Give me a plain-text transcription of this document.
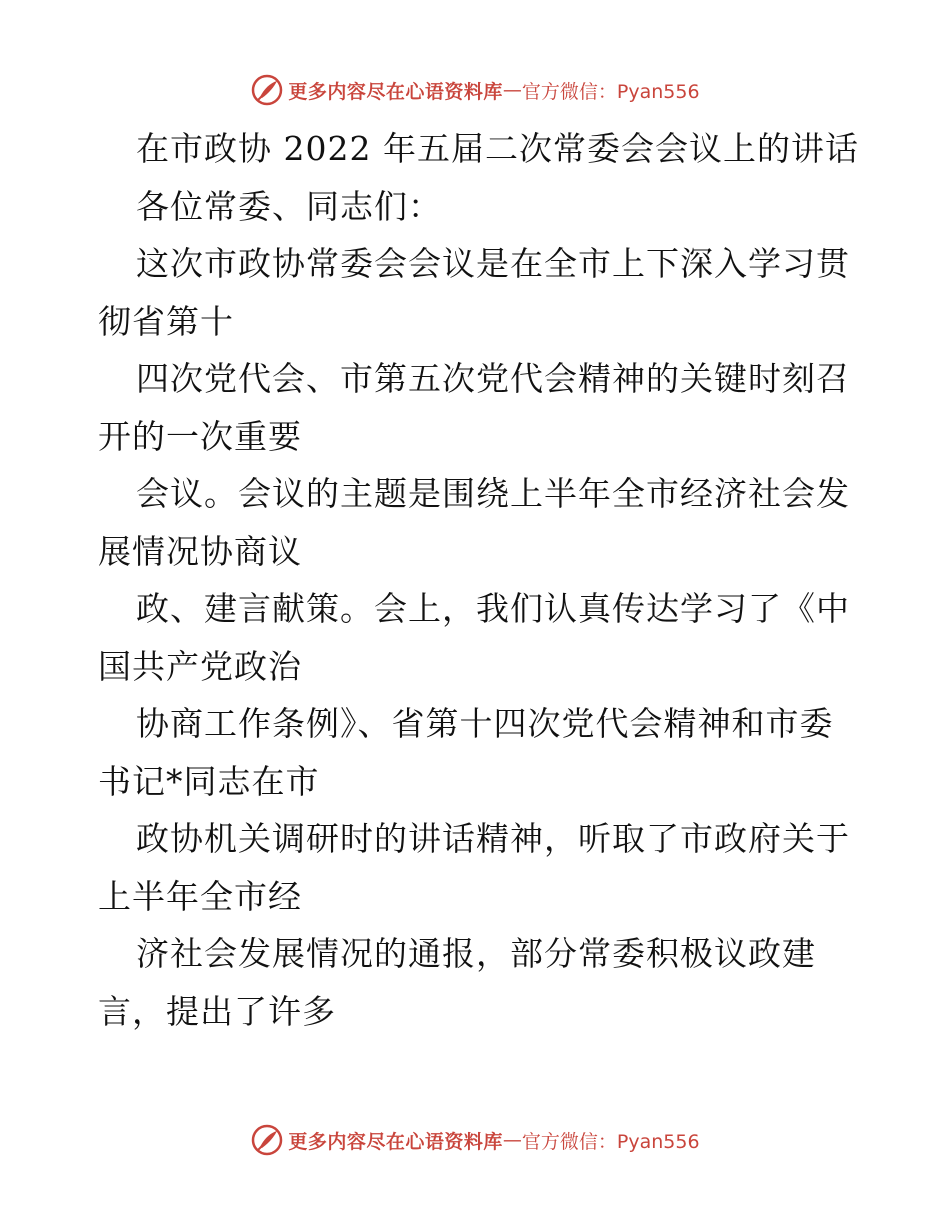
更多内容尽在心语资料库 — 官方微信：Pyan556
在市政协 2022 年五届二次常委会会议上的讲话
各位常委、同志们：
这次市政协常委会会议是在全市上下深入学习贯
彻省第十
四次党代会、市第五次党代会精神的关键时刻召
开的一次重要
会议。会议的主题是围绕上半年全市经济社会发
展情况协商议
政、建言献策。会上，我们认真传达学习了《中
国共产党政治
协商工作条例》、省第十四次党代会精神和市委
书记*同志在市
政协机关调研时的讲话精神，听取了市政府关于
上半年全市经
济社会发展情况的通报，部分常委积极议政建
言，提出了许多
更多内容尽在心语资料库 — 官方微信：Pyan556
